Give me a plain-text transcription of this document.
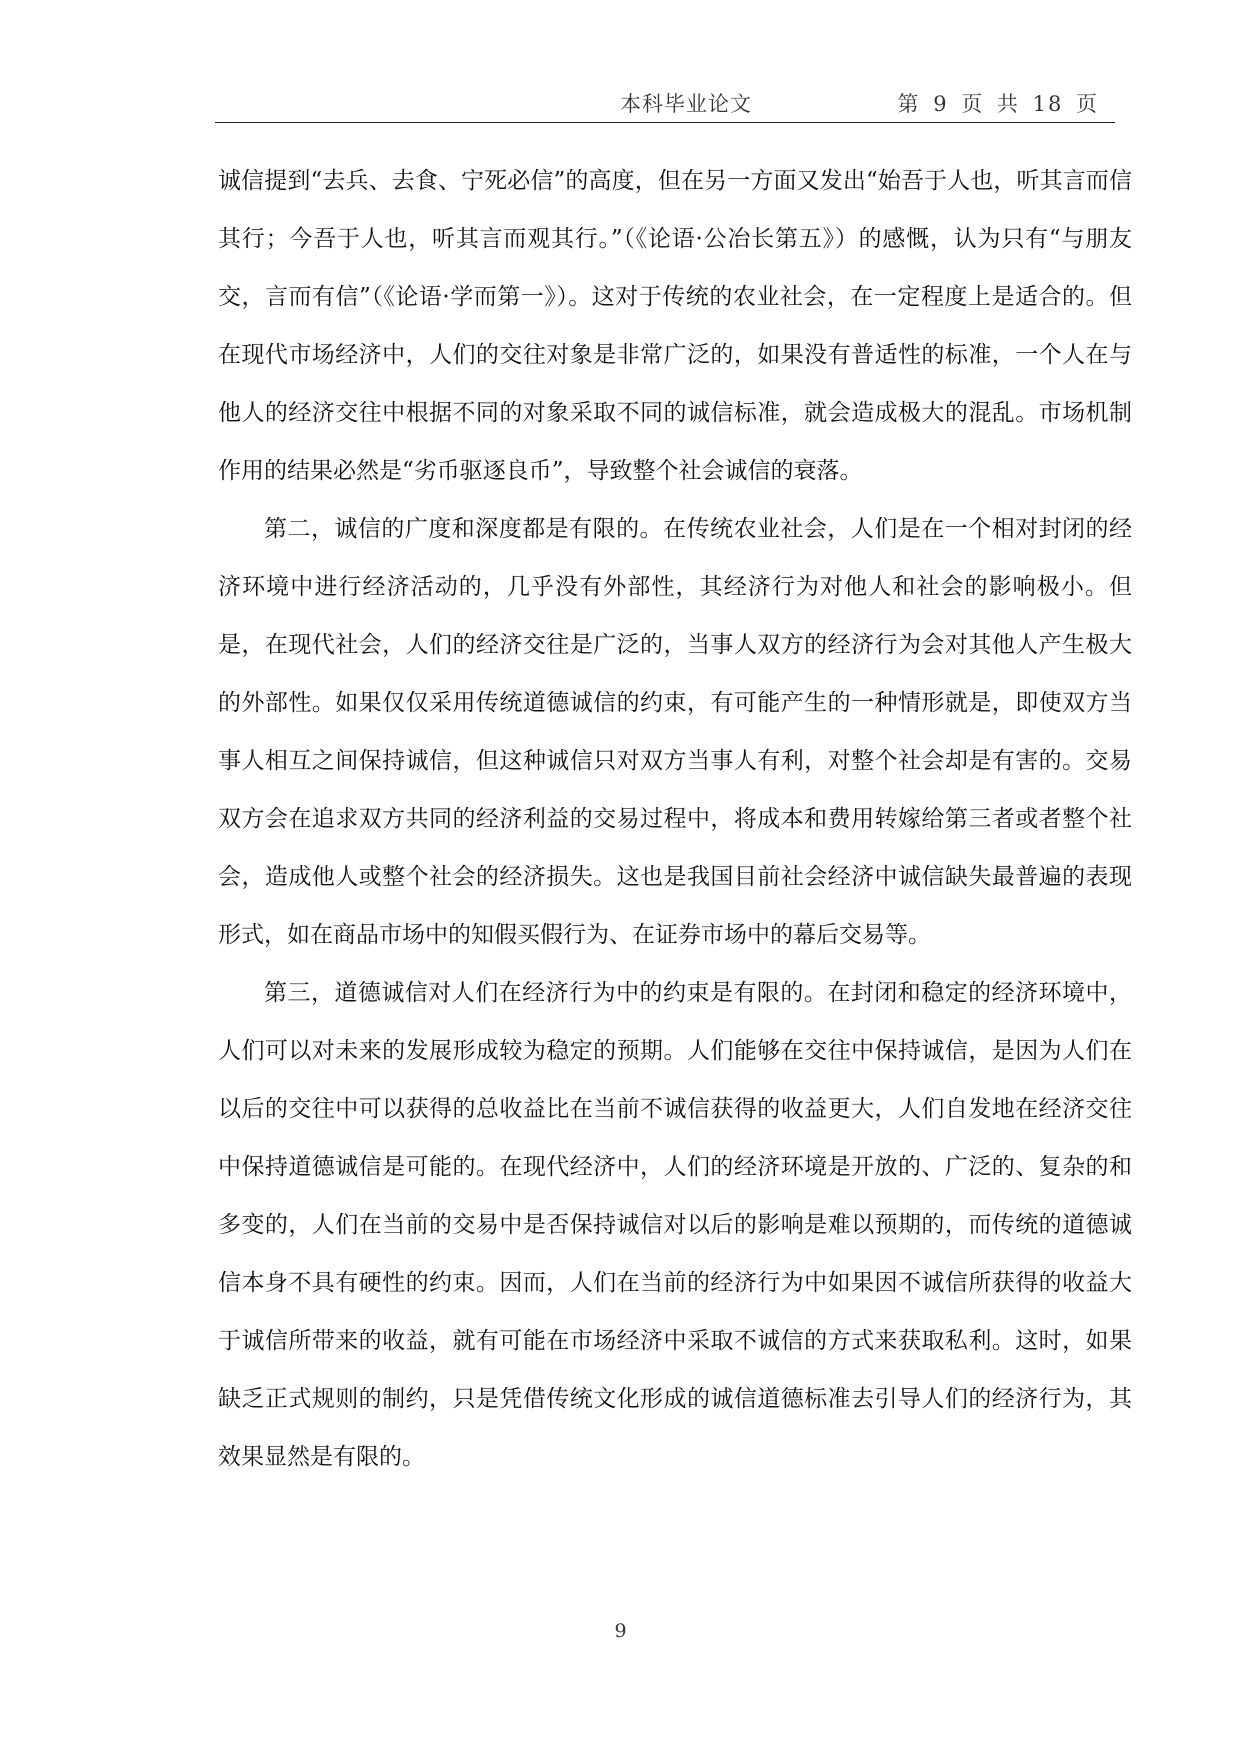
本科毕业论文	第 9 页 共 18 页

诚信提到“去兵、去食、宁死必信”的高度，但在另一方面又发出“始吾于人也，听其言而信其行；今吾于人也，听其言而观其行。”（《论语·公冶长第五》）的感慨，认为只有“与朋友交，言而有信”（《论语·学而第一》）。这对于传统的农业社会，在一定程度上是适合的。但在现代市场经济中，人们的交往对象是非常广泛的，如果没有普适性的标准，一个人在与他人的经济交往中根据不同的对象采取不同的诚信标准，就会造成极大的混乱。市场机制作用的结果必然是“劣币驱逐良币”，导致整个社会诚信的衰落。

第二，诚信的广度和深度都是有限的。在传统农业社会，人们是在一个相对封闭的经济环境中进行经济活动的，几乎没有外部性，其经济行为对他人和社会的影响极小。但是，在现代社会，人们的经济交往是广泛的，当事人双方的经济行为会对其他人产生极大的外部性。如果仅仅采用传统道德诚信的约束，有可能产生的一种情形就是，即使双方当事人相互之间保持诚信，但这种诚信只对双方当事人有利，对整个社会却是有害的。交易双方会在追求双方共同的经济利益的交易过程中，将成本和费用转嫁给第三者或者整个社会，造成他人或整个社会的经济损失。这也是我国目前社会经济中诚信缺失最普遍的表现形式，如在商品市场中的知假买假行为、在证券市场中的幕后交易等。

第三，道德诚信对人们在经济行为中的约束是有限的。在封闭和稳定的经济环境中，人们可以对未来的发展形成较为稳定的预期。人们能够在交往中保持诚信，是因为人们在以后的交往中可以获得的总收益比在当前不诚信获得的收益更大，人们自发地在经济交往中保持道德诚信是可能的。在现代经济中，人们的经济环境是开放的、广泛的、复杂的和多变的，人们在当前的交易中是否保持诚信对以后的影响是难以预期的，而传统的道德诚信本身不具有硬性的约束。因而，人们在当前的经济行为中如果因不诚信所获得的收益大于诚信所带来的收益，就有可能在市场经济中采取不诚信的方式来获取私利。这时，如果缺乏正式规则的制约，只是凭借传统文化形成的诚信道德标准去引导人们的经济行为，其效果显然是有限的。

9
